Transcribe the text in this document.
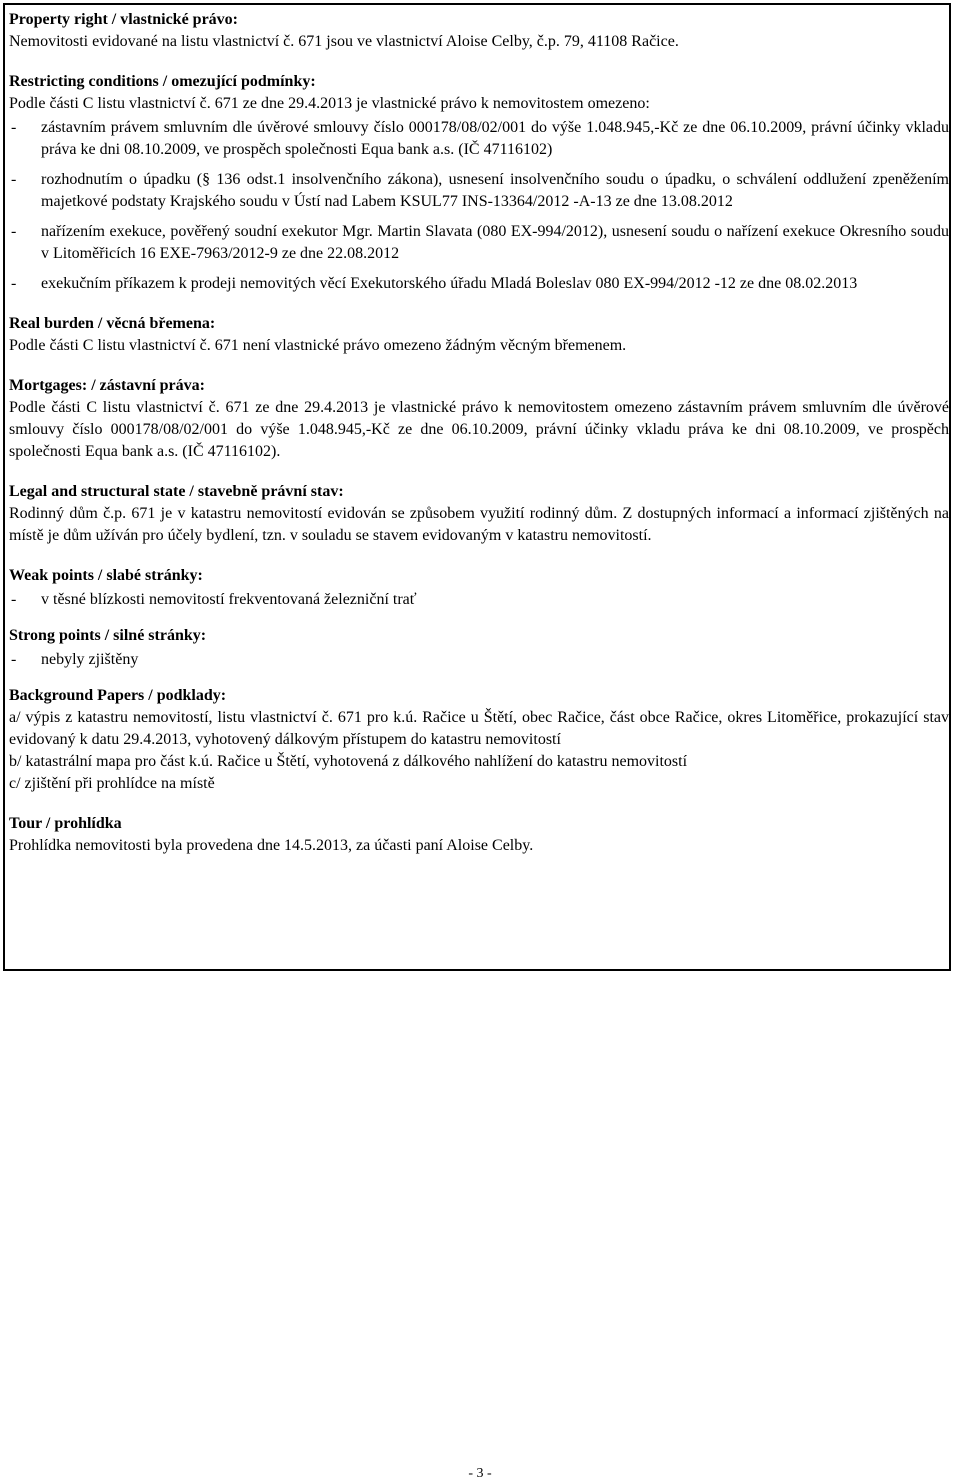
Property right / vlastnické právo:
Nemovitosti evidované na listu vlastnictví č. 671 jsou ve vlastnictví Aloise Celby, č.p. 79, 41108 Račice.
Restricting conditions / omezující podmínky:
Podle části C listu vlastnictví č. 671 ze dne 29.4.2013 je vlastnické právo k nemovitostem omezeno:
-	zástavním právem smluvním dle úvěrové smlouvy číslo 000178/08/02/001 do výše 1.048.945,-Kč ze dne 06.10.2009, právní účinky vkladu práva ke dni 08.10.2009, ve prospěch společnosti Equa bank a.s. (IČ 47116102)
-	rozhodnutím o úpadku (§ 136 odst.1 insolvenčního zákona), usnesení insolvenčního soudu o úpadku, o schválení oddlužení zpeněžením majetkové podstaty Krajského soudu v Ústí nad Labem KSUL77 INS-13364/2012 -A-13 ze dne 13.08.2012
-	nařízením exekuce, pověřený soudní exekutor Mgr. Martin Slavata (080 EX-994/2012), usnesení soudu o nařízení exekuce Okresního soudu v Litoměřicích 16 EXE-7963/2012-9 ze dne 22.08.2012
-	exekučním příkazem k prodeji nemovitých věcí Exekutorského úřadu Mladá Boleslav 080 EX-994/2012 -12 ze dne 08.02.2013
Real burden / věcná břemena:
Podle části C listu vlastnictví č. 671 není vlastnické právo omezeno žádným věcným břemenem.
Mortgages: / zástavní práva:
Podle části C listu vlastnictví č. 671 ze dne 29.4.2013 je vlastnické právo k nemovitostem omezeno zástavním právem smluvním dle úvěrové smlouvy číslo 000178/08/02/001 do výše 1.048.945,-Kč ze dne 06.10.2009, právní účinky vkladu práva ke dni 08.10.2009, ve prospěch společnosti Equa bank a.s. (IČ 47116102).
Legal and structural state / stavebně právní stav:
Rodinný dům č.p. 671 je v katastru nemovitostí evidován se způsobem využití rodinný dům. Z dostupných informací a informací zjištěných na místě je dům užíván pro účely bydlení, tzn. v souladu se stavem evidovaným v katastru nemovitostí.
Weak points / slabé stránky:
-	v těsné blízkosti nemovitostí frekventovaná železniční trať
Strong points / silné stránky:
-	nebyly zjištěny
Background Papers / podklady:
a/ výpis z katastru nemovitostí, listu vlastnictví č. 671 pro k.ú. Račice u Štětí, obec Račice, část obce Račice, okres Litoměřice, prokazující stav evidovaný k datu 29.4.2013, vyhotovený dálkovým přístupem do katastru nemovitostí
b/ katastrální mapa pro část k.ú. Račice u Štětí, vyhotovená z dálkového nahlížení do katastru nemovitostí
c/ zjištění při prohlídce na místě
Tour / prohlídka
Prohlídka nemovitosti byla provedena dne 14.5.2013, za účasti paní Aloise Celby.
- 3 -
